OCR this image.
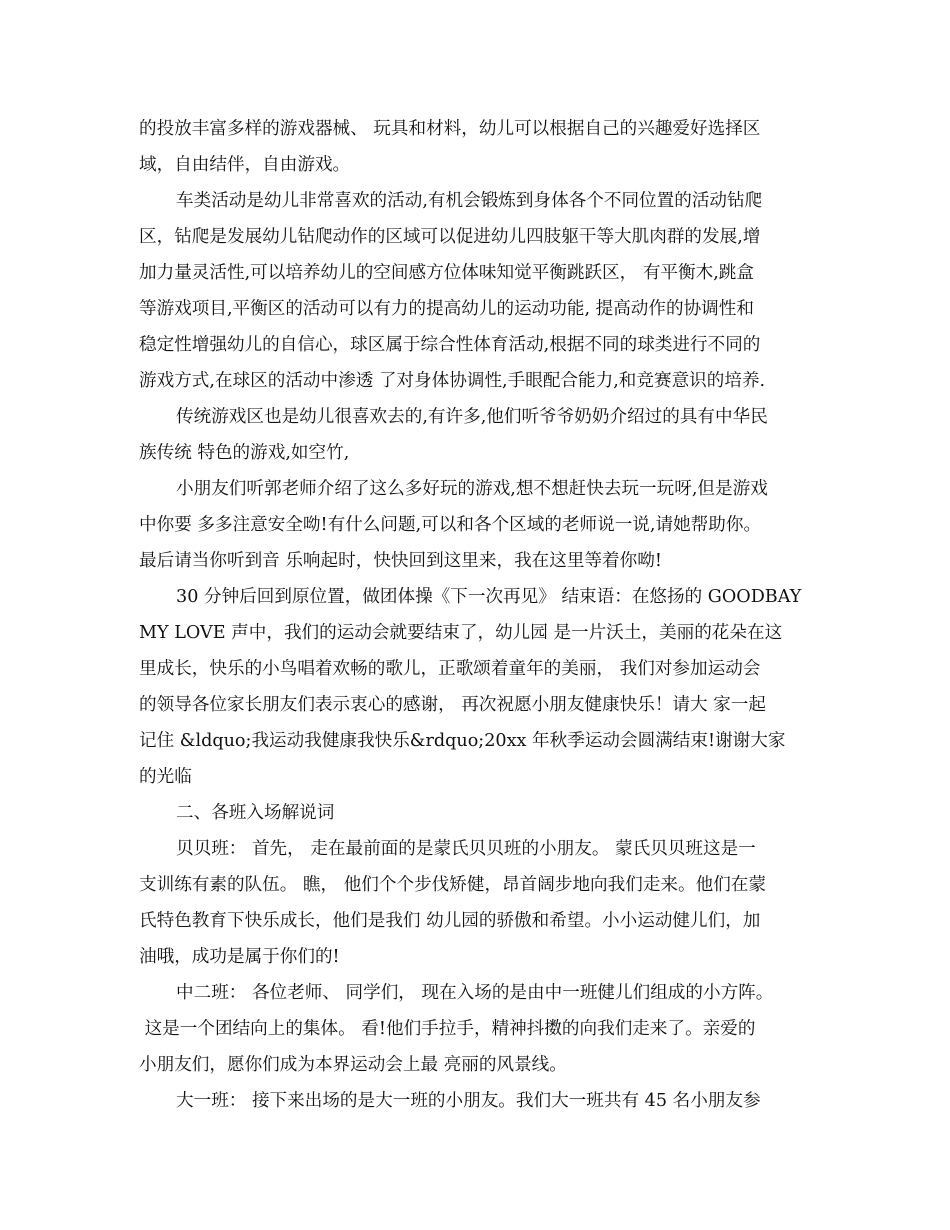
的投放丰富多样的游戏器械、 玩具和材料，幼儿可以根据自己的兴趣爱好选择区
域，自由结伴，自由游戏。
车类活动是幼儿非常喜欢的活动,有机会锻炼到身体各个不同位置的活动钻爬
区，钻爬是发展幼儿钻爬动作的区域可以促进幼儿四肢躯干等大肌肉群的发展,增
加力量灵活性,可以培养幼儿的空间感方位体味知觉平衡跳跃区， 有平衡木,跳盒
等游戏项目,平衡区的活动可以有力的提高幼儿的运动功能, 提高动作的协调性和
稳定性增强幼儿的自信心，球区属于综合性体育活动,根据不同的球类进行不同的
游戏方式,在球区的活动中渗透 了对身体协调性,手眼配合能力,和竞赛意识的培养.
传统游戏区也是幼儿很喜欢去的,有许多,他们听爷爷奶奶介绍过的具有中华民
族传统 特色的游戏,如空竹,
小朋友们听郭老师介绍了这么多好玩的游戏,想不想赶快去玩一玩呀,但是游戏
中你要 多多注意安全呦!有什么问题,可以和各个区域的老师说一说,请她帮助你。
最后请当你听到音 乐响起时，快快回到这里来，我在这里等着你呦!
30 分钟后回到原位置，做团体操《下一次再见》 结束语：在悠扬的 GOODBAY
MY LOVE 声中，我们的运动会就要结束了，幼儿园 是一片沃土，美丽的花朵在这
里成长，快乐的小鸟唱着欢畅的歌儿，正歌颂着童年的美丽， 我们对参加运动会
的领导各位家长朋友们表示衷心的感谢， 再次祝愿小朋友健康快乐！请大 家一起
记住 &ldquo;我运动我健康我快乐&rdquo;20xx 年秋季运动会圆满结束!谢谢大家
的光临
二、各班入场解说词
贝贝班： 首先， 走在最前面的是蒙氏贝贝班的小朋友。 蒙氏贝贝班这是一
支训练有素的队伍。 瞧， 他们个个步伐矫健，昂首阔步地向我们走来。他们在蒙
氏特色教育下快乐成长，他们是我们 幼儿园的骄傲和希望。小小运动健儿们，加
油哦，成功是属于你们的!
中二班： 各位老师、 同学们， 现在入场的是由中一班健儿们组成的小方阵。
这是一个团结向上的集体。 看!他们手拉手，精神抖擞的向我们走来了。亲爱的
小朋友们，愿你们成为本界运动会上最 亮丽的风景线。
大一班： 接下来出场的是大一班的小朋友。我们大一班共有 45 名小朋友参
